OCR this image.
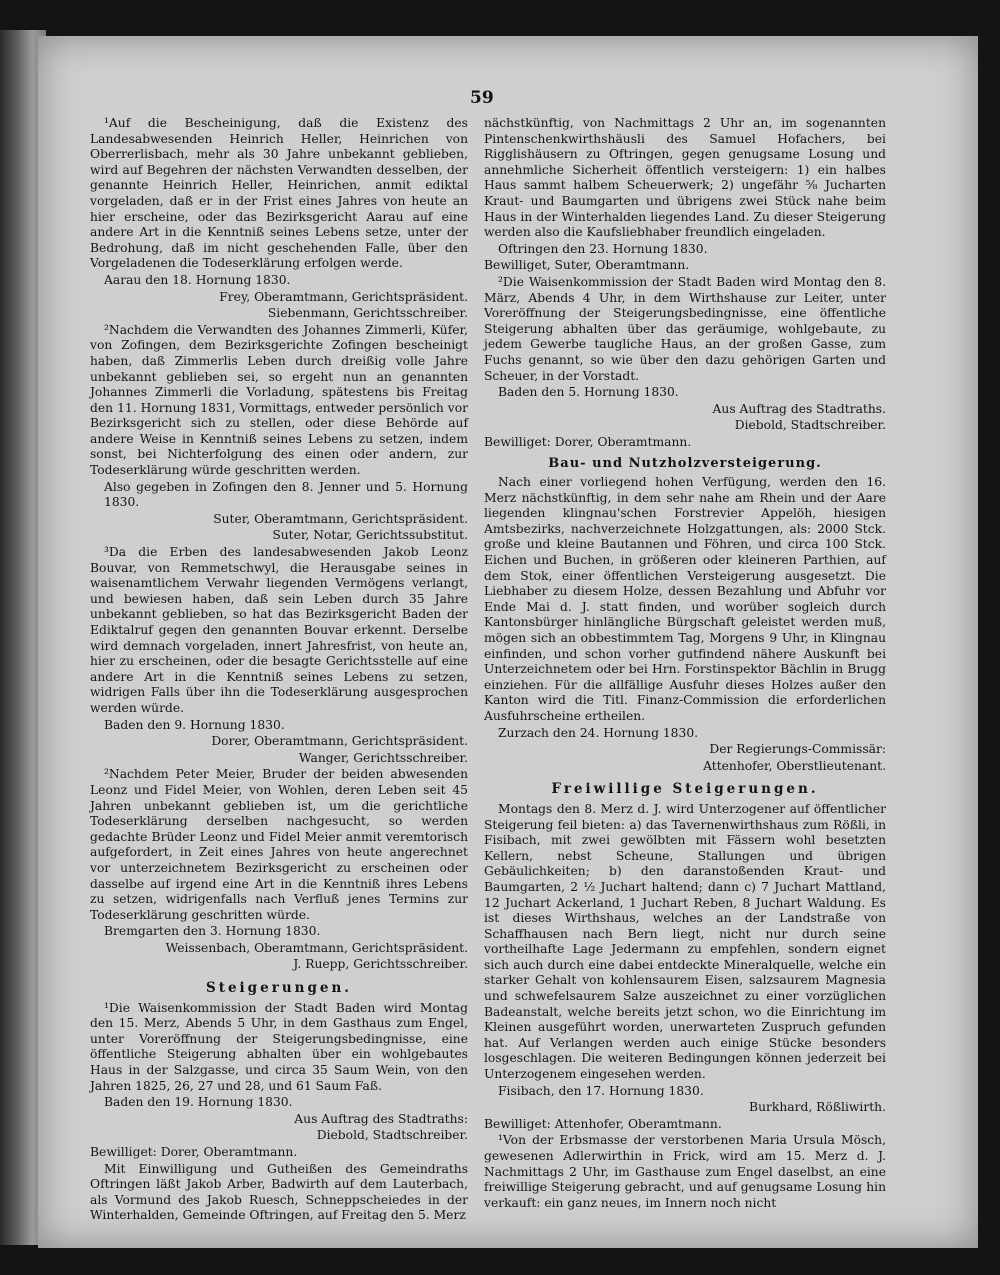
59

¹Auf die Bescheinigung, daß die Existenz des Landesabwesenden Heinrich Heller, Heinrichen von Oberrerlisbach, mehr als 30 Jahre unbekannt geblieben, wird auf Begehren der nächsten Verwandten desselben, der genannte Heinrich Heller, Heinrichen, anmit ediktal vorgeladen, daß er in der Frist eines Jahres von heute an hier erscheine, oder das Bezirksgericht Aarau auf eine andere Art in die Kenntniß seines Lebens setze, unter der Bedrohung, daß im nicht geschehenden Falle, über den Vorgeladenen die Todeserklärung erfolgen werde.

Aarau den 18. Hornung 1830.

Frey, Oberamtmann, Gerichtspräsident.

Siebenmann, Gerichtsschreiber.

²Nachdem die Verwandten des Johannes Zimmerli, Küfer, von Zofingen, dem Bezirksgerichte Zofingen bescheinigt haben, daß Zimmerlis Leben durch dreißig volle Jahre unbekannt geblieben sei, so ergeht nun an genannten Johannes Zimmerli die Vorladung, spätestens bis Freitag den 11. Hornung 1831, Vormittags, entweder persönlich vor Bezirksgericht sich zu stellen, oder diese Behörde auf andere Weise in Kenntniß seines Lebens zu setzen, indem sonst, bei Nichterfolgung des einen oder andern, zur Todeserklärung würde geschritten werden.

Also gegeben in Zofingen den 8. Jenner und 5. Hornung 1830.

Suter, Oberamtmann, Gerichtspräsident.

Suter, Notar, Gerichtssubstitut.

³Da die Erben des landesabwesenden Jakob Leonz Bouvar, von Remmetschwyl, die Herausgabe seines in waisenamtlichem Verwahr liegenden Vermögens verlangt, und bewiesen haben, daß sein Leben durch 35 Jahre unbekannt geblieben, so hat das Bezirksgericht Baden der Ediktalruf gegen den genannten Bouvar erkennt. Derselbe wird demnach vorgeladen, innert Jahresfrist, von heute an, hier zu erscheinen, oder die besagte Gerichtsstelle auf eine andere Art in die Kenntniß seines Lebens zu setzen, widrigen Falls über ihn die Todeserklärung ausgesprochen werden würde.

Baden den 9. Hornung 1830.

Dorer, Oberamtmann, Gerichtspräsident.

Wanger, Gerichtsschreiber.

²Nachdem Peter Meier, Bruder der beiden abwesenden Leonz und Fidel Meier, von Wohlen, deren Leben seit 45 Jahren unbekannt geblieben ist, um die gerichtliche Todeserklärung derselben nachgesucht, so werden gedachte Brüder Leonz und Fidel Meier anmit veremtorisch aufgefordert, in Zeit eines Jahres von heute angerechnet vor unterzeichnetem Bezirksgericht zu erscheinen oder dasselbe auf irgend eine Art in die Kenntniß ihres Lebens zu setzen, widrigenfalls nach Verfluß jenes Termins zur Todeserklärung geschritten würde.

Bremgarten den 3. Hornung 1830.

Weissenbach, Oberamtmann, Gerichtspräsident.

J. Ruepp, Gerichtsschreiber.

Steigerungen.

¹Die Waisenkommission der Stadt Baden wird Montag den 15. Merz, Abends 5 Uhr, in dem Gasthaus zum Engel, unter Voreröffnung der Steigerungsbedingnisse, eine öffentliche Steigerung abhalten über ein wohlgebautes Haus in der Salzgasse, und circa 35 Saum Wein, von den Jahren 1825, 26, 27 und 28, und 61 Saum Faß.

Baden den 19. Hornung 1830.

Aus Auftrag des Stadtraths:

Diebold, Stadtschreiber.

Bewilliget: Dorer, Oberamtmann.

Mit Einwilligung und Gutheißen des Gemeindraths Oftringen läßt Jakob Arber, Badwirth auf dem Lauterbach, als Vormund des Jakob Ruesch, Schneppscheiedes in der Winterhalden, Gemeinde Oftringen, auf Freitag den 5. Merz

nächstkünftig, von Nachmittags 2 Uhr an, im sogenannten Pintenschenkwirthshäusli des Samuel Hofachers, bei Rigglishäusern zu Oftringen, gegen genugsame Losung und annehmliche Sicherheit öffentlich versteigern: 1) ein halbes Haus sammt halbem Scheuerwerk; 2) ungefähr ⅝ Jucharten Kraut- und Baumgarten und übrigens zwei Stück nahe beim Haus in der Winterhalden liegendes Land. Zu dieser Steigerung werden also die Kaufsliebhaber freundlich eingeladen.

Oftringen den 23. Hornung 1830.

Bewilliget, Suter, Oberamtmann.

²Die Waisenkommission der Stadt Baden wird Montag den 8. März, Abends 4 Uhr, in dem Wirthshause zur Leiter, unter Voreröffnung der Steigerungsbedingnisse, eine öffentliche Steigerung abhalten über das geräumige, wohlgebaute, zu jedem Gewerbe taugliche Haus, an der großen Gasse, zum Fuchs genannt, so wie über den dazu gehörigen Garten und Scheuer, in der Vorstadt.

Baden den 5. Hornung 1830.

Aus Auftrag des Stadtraths.

Diebold, Stadtschreiber.

Bewilliget: Dorer, Oberamtmann.

Bau- und Nutzholzversteigerung.

Nach einer vorliegend hohen Verfügung, werden den 16. Merz nächstkünftig, in dem sehr nahe am Rhein und der Aare liegenden klingnau'schen Forstrevier Appelöh, hiesigen Amtsbezirks, nachverzeichnete Holzgattungen, als: 2000 Stck. große und kleine Bautannen und Föhren, und circa 100 Stck. Eichen und Buchen, in größeren oder kleineren Parthien, auf dem Stok, einer öffentlichen Versteigerung ausgesetzt. Die Liebhaber zu diesem Holze, dessen Bezahlung und Abfuhr vor Ende Mai d. J. statt finden, und worüber sogleich durch Kantonsbürger hinlängliche Bürgschaft geleistet werden muß, mögen sich an obbestimmtem Tag, Morgens 9 Uhr, in Klingnau einfinden, und schon vorher gutfindend nähere Auskunft bei Unterzeichnetem oder bei Hrn. Forstinspektor Bächlin in Brugg einziehen. Für die allfällige Ausfuhr dieses Holzes außer den Kanton wird die Titl. Finanz-Commission die erforderlichen Ausfuhrscheine ertheilen.

Zurzach den 24. Hornung 1830.

Der Regierungs-Commissär:

Attenhofer, Oberstlieutenant.

Freiwillige Steigerungen.

Montags den 8. Merz d. J. wird Unterzogener auf öffentlicher Steigerung feil bieten: a) das Tavernenwirthshaus zum Rößli, in Fisibach, mit zwei gewölbten mit Fässern wohl besetzten Kellern, nebst Scheune, Stallungen und übrigen Gebäulichkeiten; b) den daranstoßenden Kraut- und Baumgarten, 2 ½ Juchart haltend; dann c) 7 Juchart Mattland, 12 Juchart Ackerland, 1 Juchart Reben, 8 Juchart Waldung. Es ist dieses Wirthshaus, welches an der Landstraße von Schaffhausen nach Bern liegt, nicht nur durch seine vortheilhafte Lage Jedermann zu empfehlen, sondern eignet sich auch durch eine dabei entdeckte Mineralquelle, welche ein starker Gehalt von kohlensaurem Eisen, salzsaurem Magnesia und schwefelsaurem Salze auszeichnet zu einer vorzüglichen Badeanstalt, welche bereits jetzt schon, wo die Einrichtung im Kleinen ausgeführt worden, unerwarteten Zuspruch gefunden hat. Auf Verlangen werden auch einige Stücke besonders losgeschlagen. Die weiteren Bedingungen können jederzeit bei Unterzogenem eingesehen werden.

Fisibach, den 17. Hornung 1830.

Burkhard, Rößliwirth.

Bewilliget: Attenhofer, Oberamtmann.

¹Von der Erbsmasse der verstorbenen Maria Ursula Mösch, gewesenen Adlerwirthin in Frick, wird am 15. Merz d. J. Nachmittags 2 Uhr, im Gasthause zum Engel daselbst, an eine freiwillige Steigerung gebracht, und auf genugsame Losung hin verkauft: ein ganz neues, im Innern noch nicht
